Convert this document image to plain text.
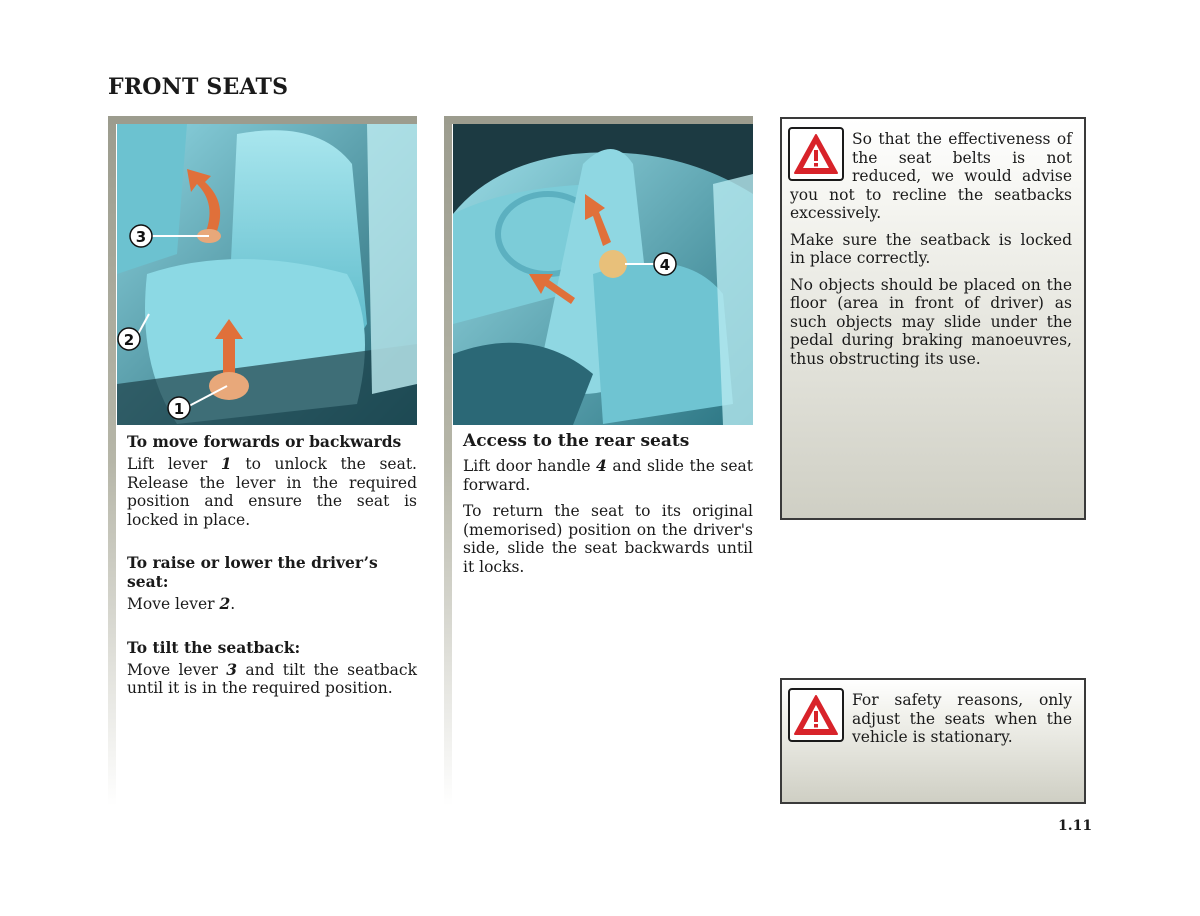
FRONT SEATS
3
2
1
To move forwards or backwards

Lift lever 1 to unlock the seat. Release the lever in the required position and ensure the seat is locked in place.

To raise or lower the driver’s seat:

Move lever 2.

To tilt the seatback:

Move lever 3 and tilt the seatback until it is in the required position.

4
Access to the rear seats

Lift door handle 4 and slide the seat forward.

To return the seat to its original (memorised) position on the driver's side, slide the seat backwards until it locks.

So that the effectiveness of the seat belts is not reduced, we would advise you not to recline the seatbacks excessively.

Make sure the seatback is locked in place correctly.

No objects should be placed on the floor (area in front of driver) as such objects may slide under the pedal during braking manoeuvres, thus obstructing its use.

For safety reasons, only adjust the seats when the vehicle is stationary.

1.11
